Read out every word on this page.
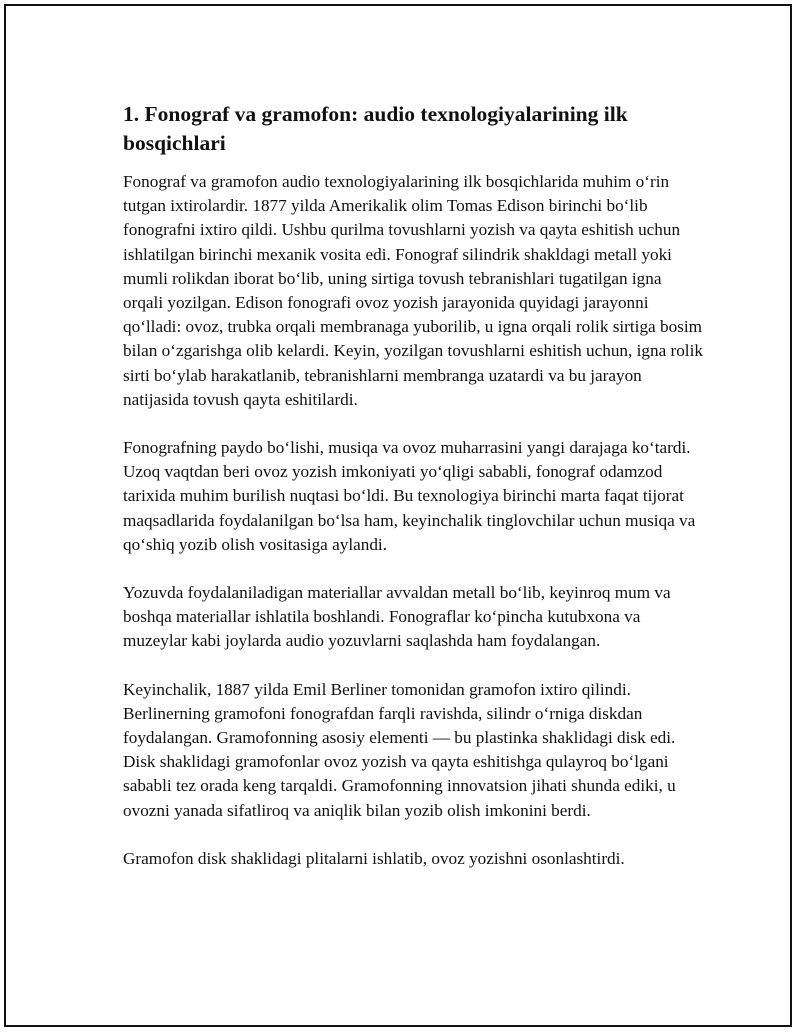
1. Fonograf va gramofon: audio texnologiyalarining ilk bosqichlari

Fonograf va gramofon audio texnologiyalarining ilk bosqichlarida muhim o‘rin tutgan ixtirolardir. 1877 yilda Amerikalik olim Tomas Edison birinchi bo‘lib fonografni ixtiro qildi. Ushbu qurilma tovushlarni yozish va qayta eshitish uchun ishlatilgan birinchi mexanik vosita edi. Fonograf silindrik shakldagi metall yoki mumli rolikdan iborat bo‘lib, uning sirtiga tovush tebranishlari tugatilgan igna orqali yozilgan. Edison fonografi ovoz yozish jarayonida quyidagi jarayonni qo‘lladi: ovoz, trubka orqali membranaga yuborilib, u igna orqali rolik sirtiga bosim bilan o‘zgarishga olib kelardi. Keyin, yozilgan tovushlarni eshitish uchun, igna rolik sirti bo‘ylab harakatlanib, tebranishlarni membranga uzatardi va bu jarayon natijasida tovush qayta eshitilardi.

Fonografning paydo bo‘lishi, musiqa va ovoz muharrasini yangi darajaga ko‘tardi. Uzoq vaqtdan beri ovoz yozish imkoniyati yo‘qligi sababli, fonograf odamzod tarixida muhim burilish nuqtasi bo‘ldi. Bu texnologiya birinchi marta faqat tijorat maqsadlarida foydalanilgan bo‘lsa ham, keyinchalik tinglovchilar uchun musiqa va qo‘shiq yozib olish vositasiga aylandi.

Yozuvda foydalaniladigan materiallar avvaldan metall bo‘lib, keyinroq mum va boshqa materiallar ishlatila boshlandi. Fonograflar ko‘pincha kutubxona va muzeylar kabi joylarda audio yozuvlarni saqlashda ham foydalangan.

Keyinchalik, 1887 yilda Emil Berliner tomonidan gramofon ixtiro qilindi. Berlinerning gramofoni fonografdan farqli ravishda, silindr o‘rniga diskdan foydalangan. Gramofonning asosiy elementi — bu plastinka shaklidagi disk edi. Disk shaklidagi gramofonlar ovoz yozish va qayta eshitishga qulayroq bo‘lgani sababli tez orada keng tarqaldi. Gramofonning innovatsion jihati shunda ediki, u ovozni yanada sifatliroq va aniqlik bilan yozib olish imkonini berdi.

Gramofon disk shaklidagi plitalarni ishlatib, ovoz yozishni osonlashtirdi.
